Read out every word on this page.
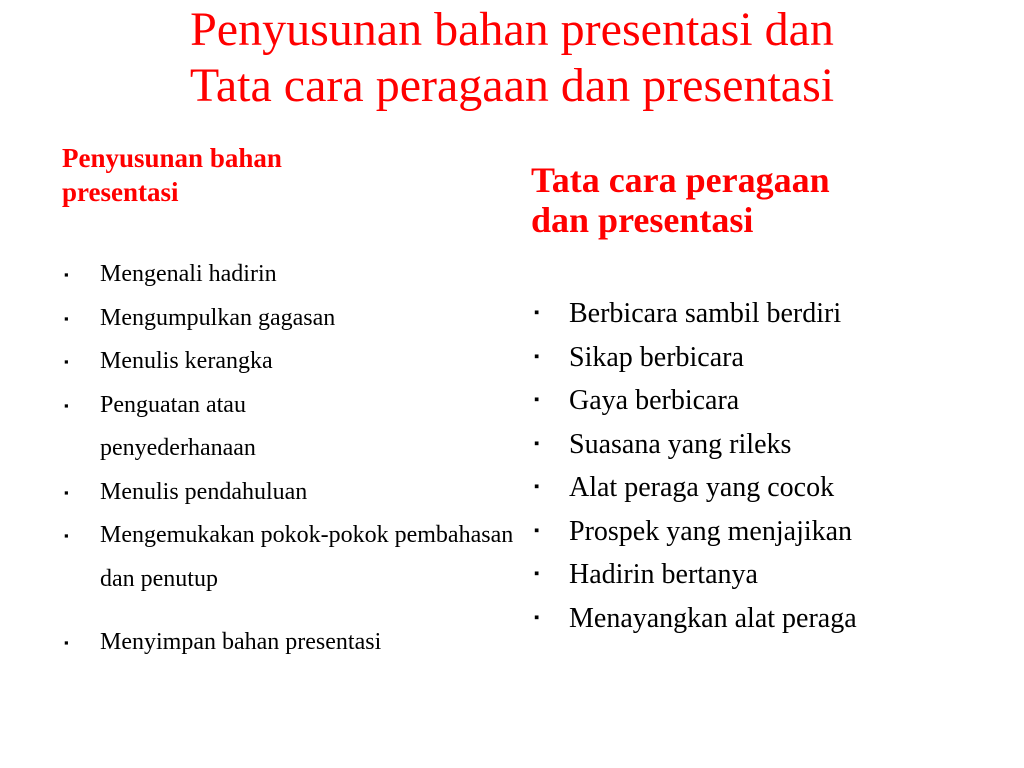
Penyusunan bahan presentasi dan
Tata cara peragaan dan presentasi
Penyusunan bahan
presentasi	Tata cara peragaan
dan presentasi
▪ Mengenali hadirin
▪ Mengumpulkan gagasan
▪ Menulis kerangka
▪ Penguatan atau penyederhanaan
▪ Menulis pendahuluan
▪ Mengemukakan pokok-pokok pembahasan dan penutup
▪ Menyimpan bahan presentasi
▪ Berbicara sambil berdiri
▪ Sikap berbicara
▪ Gaya berbicara
▪ Suasana yang rileks
▪ Alat peraga yang cocok
▪ Prospek yang menjajikan
▪ Hadirin bertanya
▪ Menayangkan alat peraga
